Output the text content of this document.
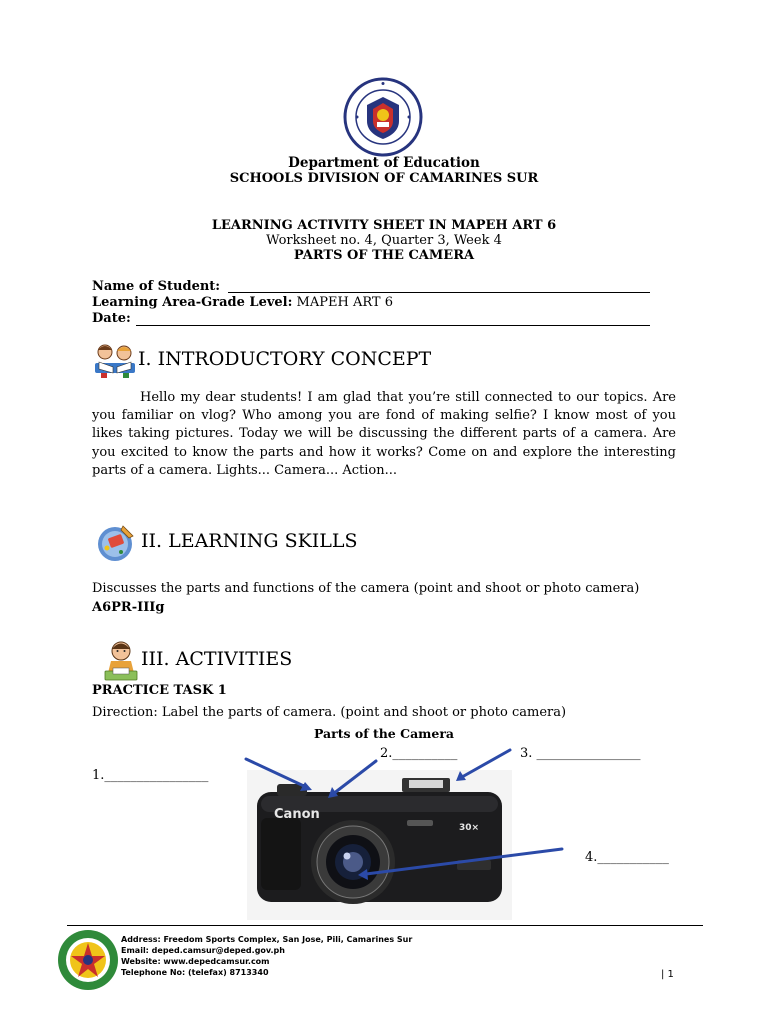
Department of Education
SCHOOLS DIVISION OF CAMARINES SUR
LEARNING ACTIVITY SHEET IN MAPEH ART 6
Worksheet no. 4, Quarter 3, Week 4
PARTS OF THE CAMERA
Name of Student:
Learning Area-Grade Level: MAPEH ART 6
Date:
I. INTRODUCTORY CONCEPT
Hello my dear students! I am glad that you’re still connected to our topics. Are you familiar on vlog? Who among you are fond of making selfie? I know most of you likes taking pictures. Today we will be discussing the different parts of a camera. Are you excited to know the parts and how it works? Come on and explore the interesting parts of a camera. Lights... Camera... Action...
II. LEARNING SKILLS
Discusses the parts and functions of the camera (point and shoot or photo camera) A6PR-IIIg
III. ACTIVITIES
PRACTICE TASK 1
Direction: Label the parts of camera. (point and shoot or photo camera)
Parts of the Camera
Canon
30×
1.________________
2.__________	3. ________________
4.___________
Address: Freedom Sports Complex, San Jose, Pili, Camarines Sur
Email: deped.camsur@deped.gov.ph
Website: www.depedcamsur.com
Telephone No: (telefax) 8713340	| 1
